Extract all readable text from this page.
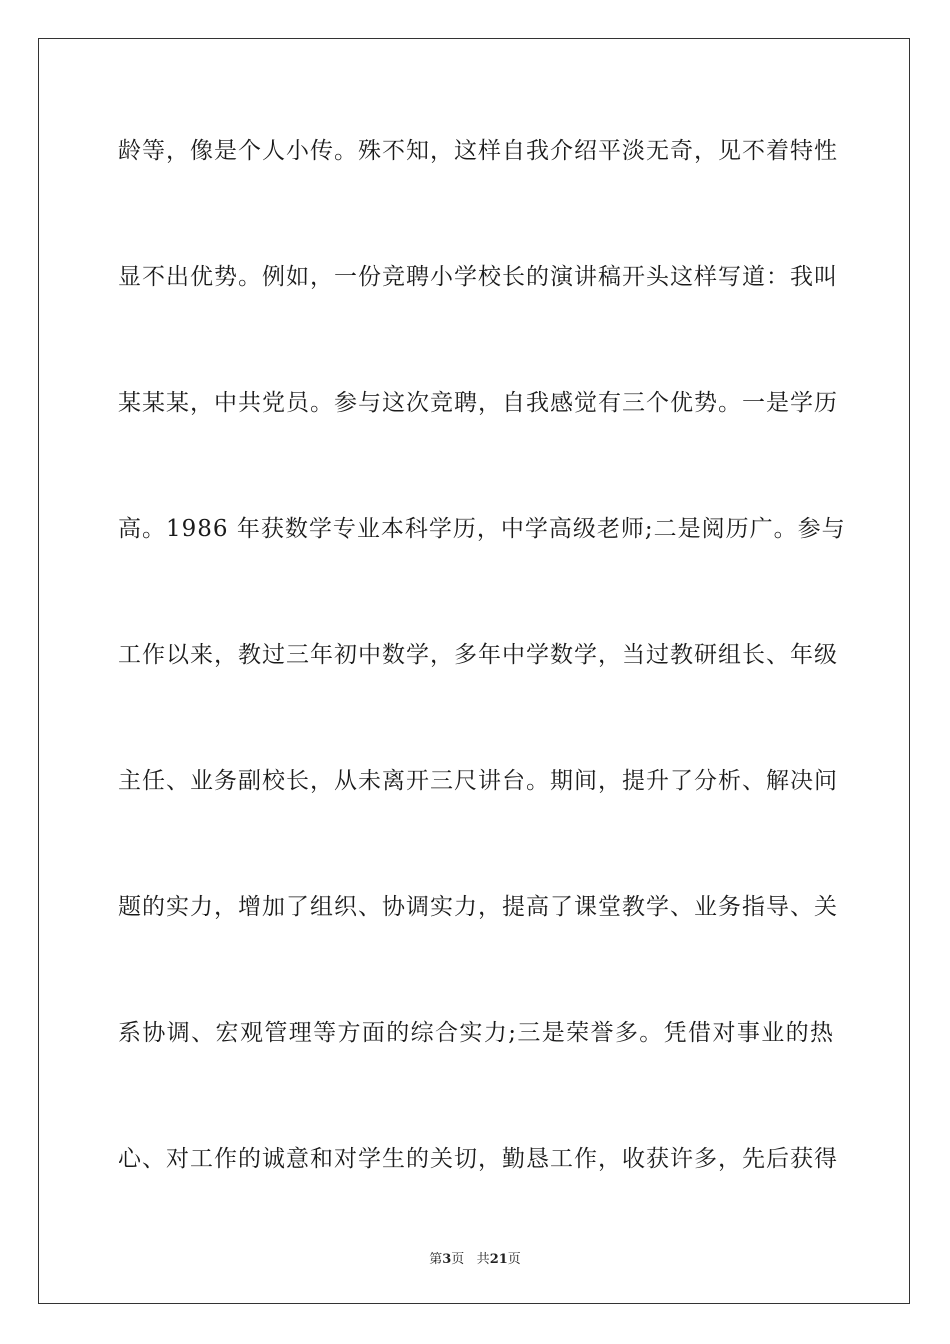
龄等，像是个人小传。殊不知，这样自我介绍平淡无奇，见不着特性
显不出优势。例如，一份竞聘小学校长的演讲稿开头这样写道：我叫
某某某，中共党员。参与这次竞聘，自我感觉有三个优势。一是学历
高。1986 年获数学专业本科学历，中学高级老师;二是阅历广。参与
工作以来，教过三年初中数学，多年中学数学，当过教研组长、年级
主任、业务副校长，从未离开三尺讲台。期间，提升了分析、解决问
题的实力，增加了组织、协调实力，提高了课堂教学、业务指导、关
系协调、宏观管理等方面的综合实力;三是荣誉多。凭借对事业的热
心、对工作的诚意和对学生的关切，勤恳工作，收获许多，先后获得
第3页 共21页
